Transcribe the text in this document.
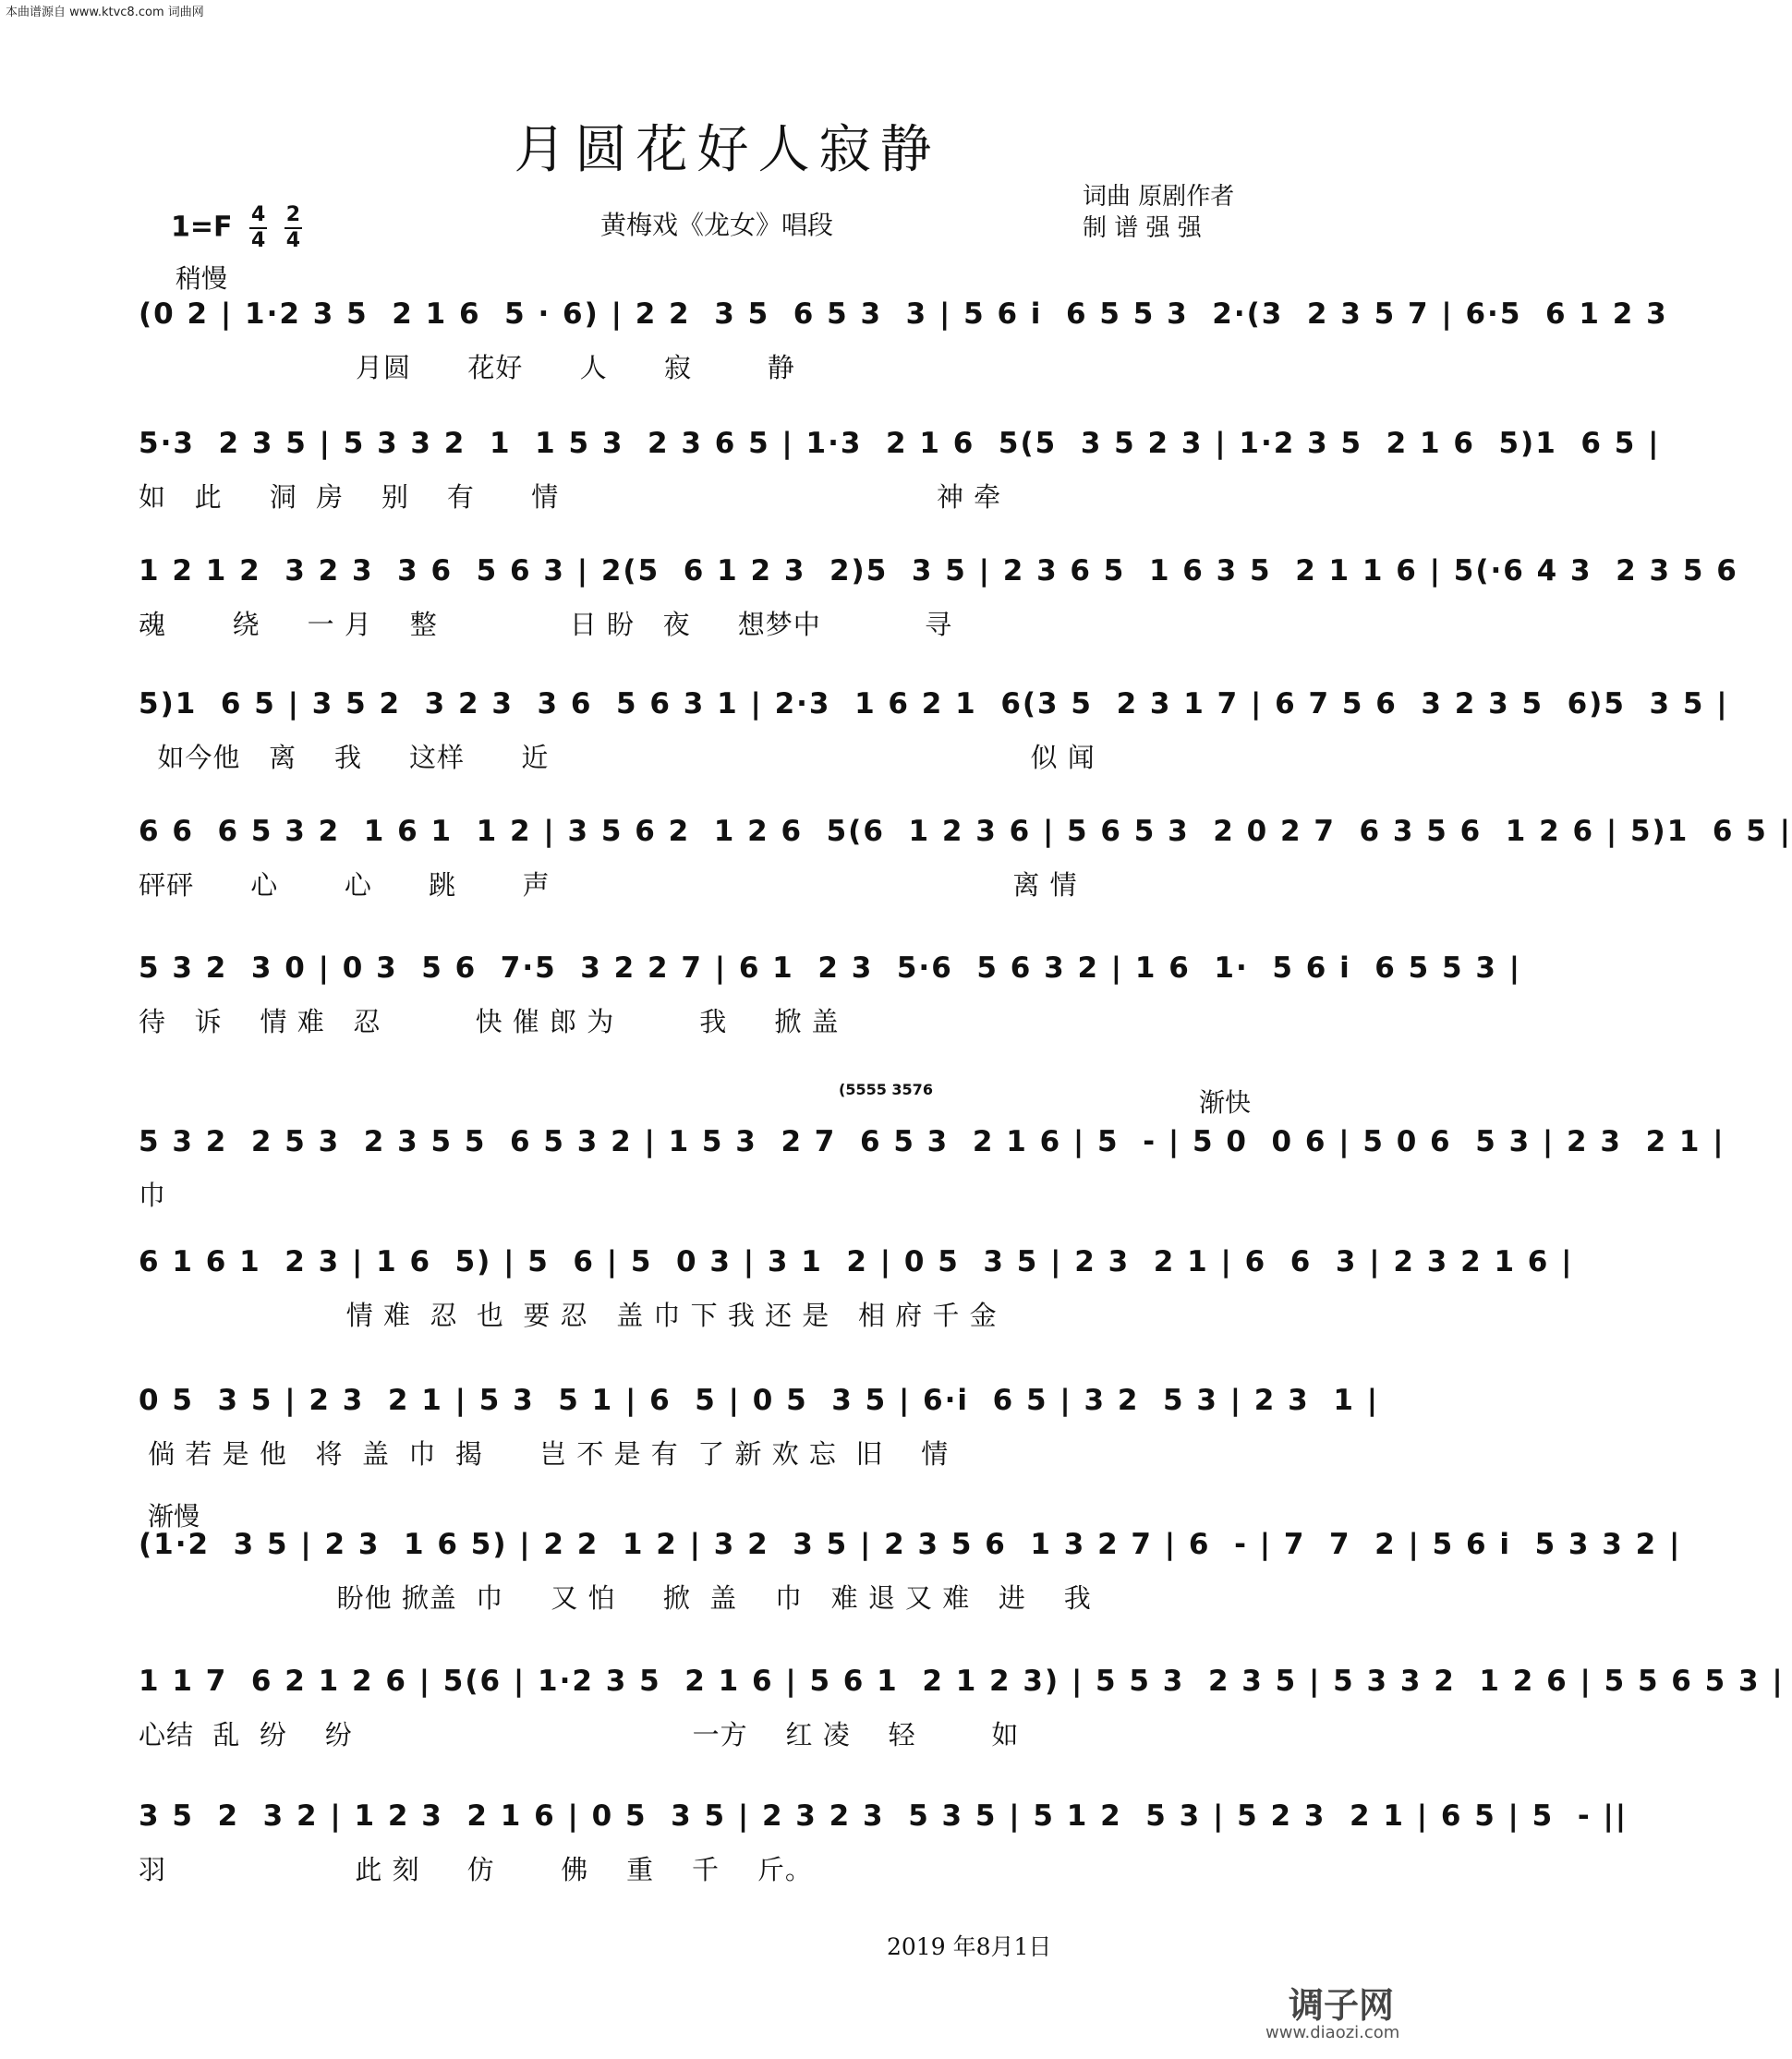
本曲谱源自 www.ktvc8.com 词曲网
月圆花好人寂静
$1=F \frac{4}{4}$
$\frac{2}{4}$	黄梅戏《龙女》唱段
词曲 原剧作者
制 谱 强 强
稍慢
渐快
渐慢
(5555 3576
(0 2 | 1·2 3 5  2 1 6  5 · 6) | 2 2  3 5  6 5 3  3 | 5 6 i  6 5 5 3  2·(3  2 3 5 7 | 6·5  6 1 2 3
月圆      花好      人      寂        静
5·3  2 3 5 | 5 3 3 2  1  1 5 3  2 3 6 5 | 1·3  2 1 6  5(5  3 5 2 3 | 1·2 3 5  2 1 6  5)1  6 5 |
如   此     洞  房    别    有      情                                        神 牵
1 2 1 2  3 2 3  3 6  5 6 3 | 2(5  6 1 2 3  2)5  3 5 | 2 3 6 5  1 6 3 5  2 1 1 6 | 5(·6 4 3  2 3 5 6
魂       绕     一 月    整              日 盼   夜     想梦中           寻
5)1  6 5 | 3 5 2  3 2 3  3 6  5 6 3 1 | 2·3  1 6 2 1  6(3 5  2 3 1 7 | 6 7 5 6  3 2 3 5  6)5  3 5 |
如今他   离    我     这样      近                                                   似 闻
6 6  6 5 3 2  1 6 1  1 2 | 3 5 6 2  1 2 6  5(6  1 2 3 6 | 5 6 5 3  2 0 2 7  6 3 5 6  1 2 6 | 5)1  6 5 |
砰砰      心       心      跳       声                                                 离 情
5 3 2  3 0 | 0 3  5 6  7·5  3 2 2 7 | 6 1  2 3  5·6  5 6 3 2 | 1 6  1·  5 6 i  6 5 5 3 |
待   诉    情 难   忍          快 催 郎 为         我     掀 盖
5 3 2  2 5 3  2 3 5 5  6 5 3 2 | 1 5 3  2 7  6 5 3  2 1 6 | 5  - | 5 0  0 6 | 5 0 6  5 3 | 2 3  2 1 |
巾
6 1 6 1  2 3 | 1 6  5) | 5  6 | 5  0 3 | 3 1  2 | 0 5  3 5 | 2 3  2 1 | 6  6  3 | 2 3 2 1 6 |
情 难  忍  也  要 忍   盖 巾 下 我 还 是   相 府 千 金
0 5  3 5 | 2 3  2 1 | 5 3  5 1 | 6  5 | 0 5  3 5 | 6·i  6 5 | 3 2  5 3 | 2 3  1 |
倘 若 是 他   将  盖  巾  揭      岂 不 是 有  了 新 欢 忘  旧    情
(1·2  3 5 | 2 3  1 6 5) | 2 2  1 2 | 3 2  3 5 | 2 3 5 6  1 3 2 7 | 6  - | 7  7  2 | 5 6 i  5 3 3 2 |
盼他 掀盖  巾     又 怕     掀  盖    巾   难 退 又 难   进    我
1 1 7  6 2 1 2 6 | 5(6 | 1·2 3 5  2 1 6 | 5 6 1  2 1 2 3) | 5 5 3  2 3 5 | 5 3 3 2  1 2 6 | 5 5 6 5 3 |
心结  乱  纷    纷                                    一方    红 凌    轻        如
3 5  2  3 2 | 1 2 3  2 1 6 | 0 5  3 5 | 2 3 2 3  5 3 5 | 5 1 2  5 3 | 5 2 3  2 1 | 6 5 | 5  - ||
羽                    此 刻     仿       佛    重    千    斤。
2019 年8月1日
调子网
www.diaozi.com
